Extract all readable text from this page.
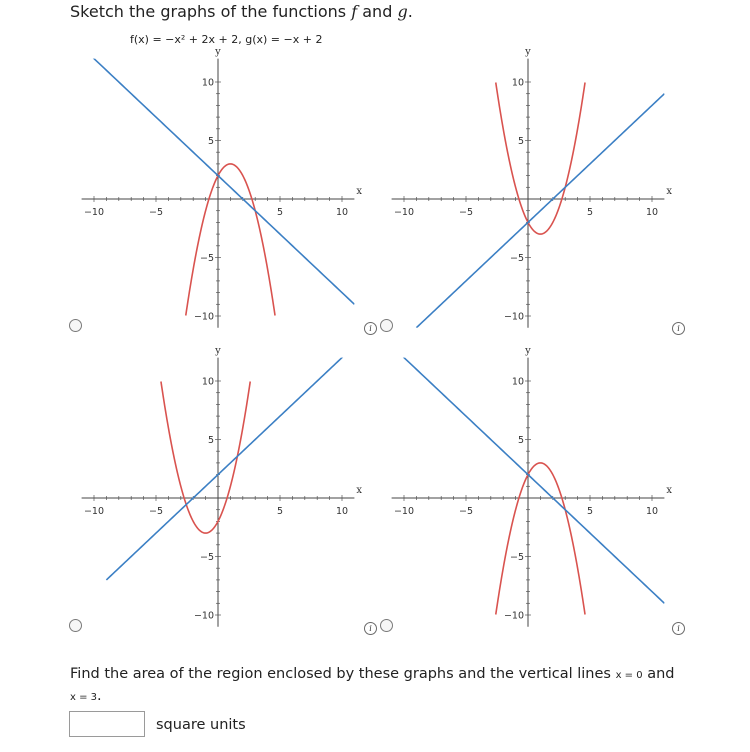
Sketch the graphs of the functions f and g.
f(x) = −x² + 2x + 2, g(x) = −x + 2
−10	−5	5	10
10
5
−5
−10
x
y
−10	−5	5	10
10
5
−5
−10
x
y
−10	−5	5	10
10
5
−5
−10
x
y
−10	−5	5	10
10
5
−5
−10
x
y
i	i
i	i
Find the area of the region enclosed by these graphs and the vertical lines x = 0 and
x = 3.
square units
